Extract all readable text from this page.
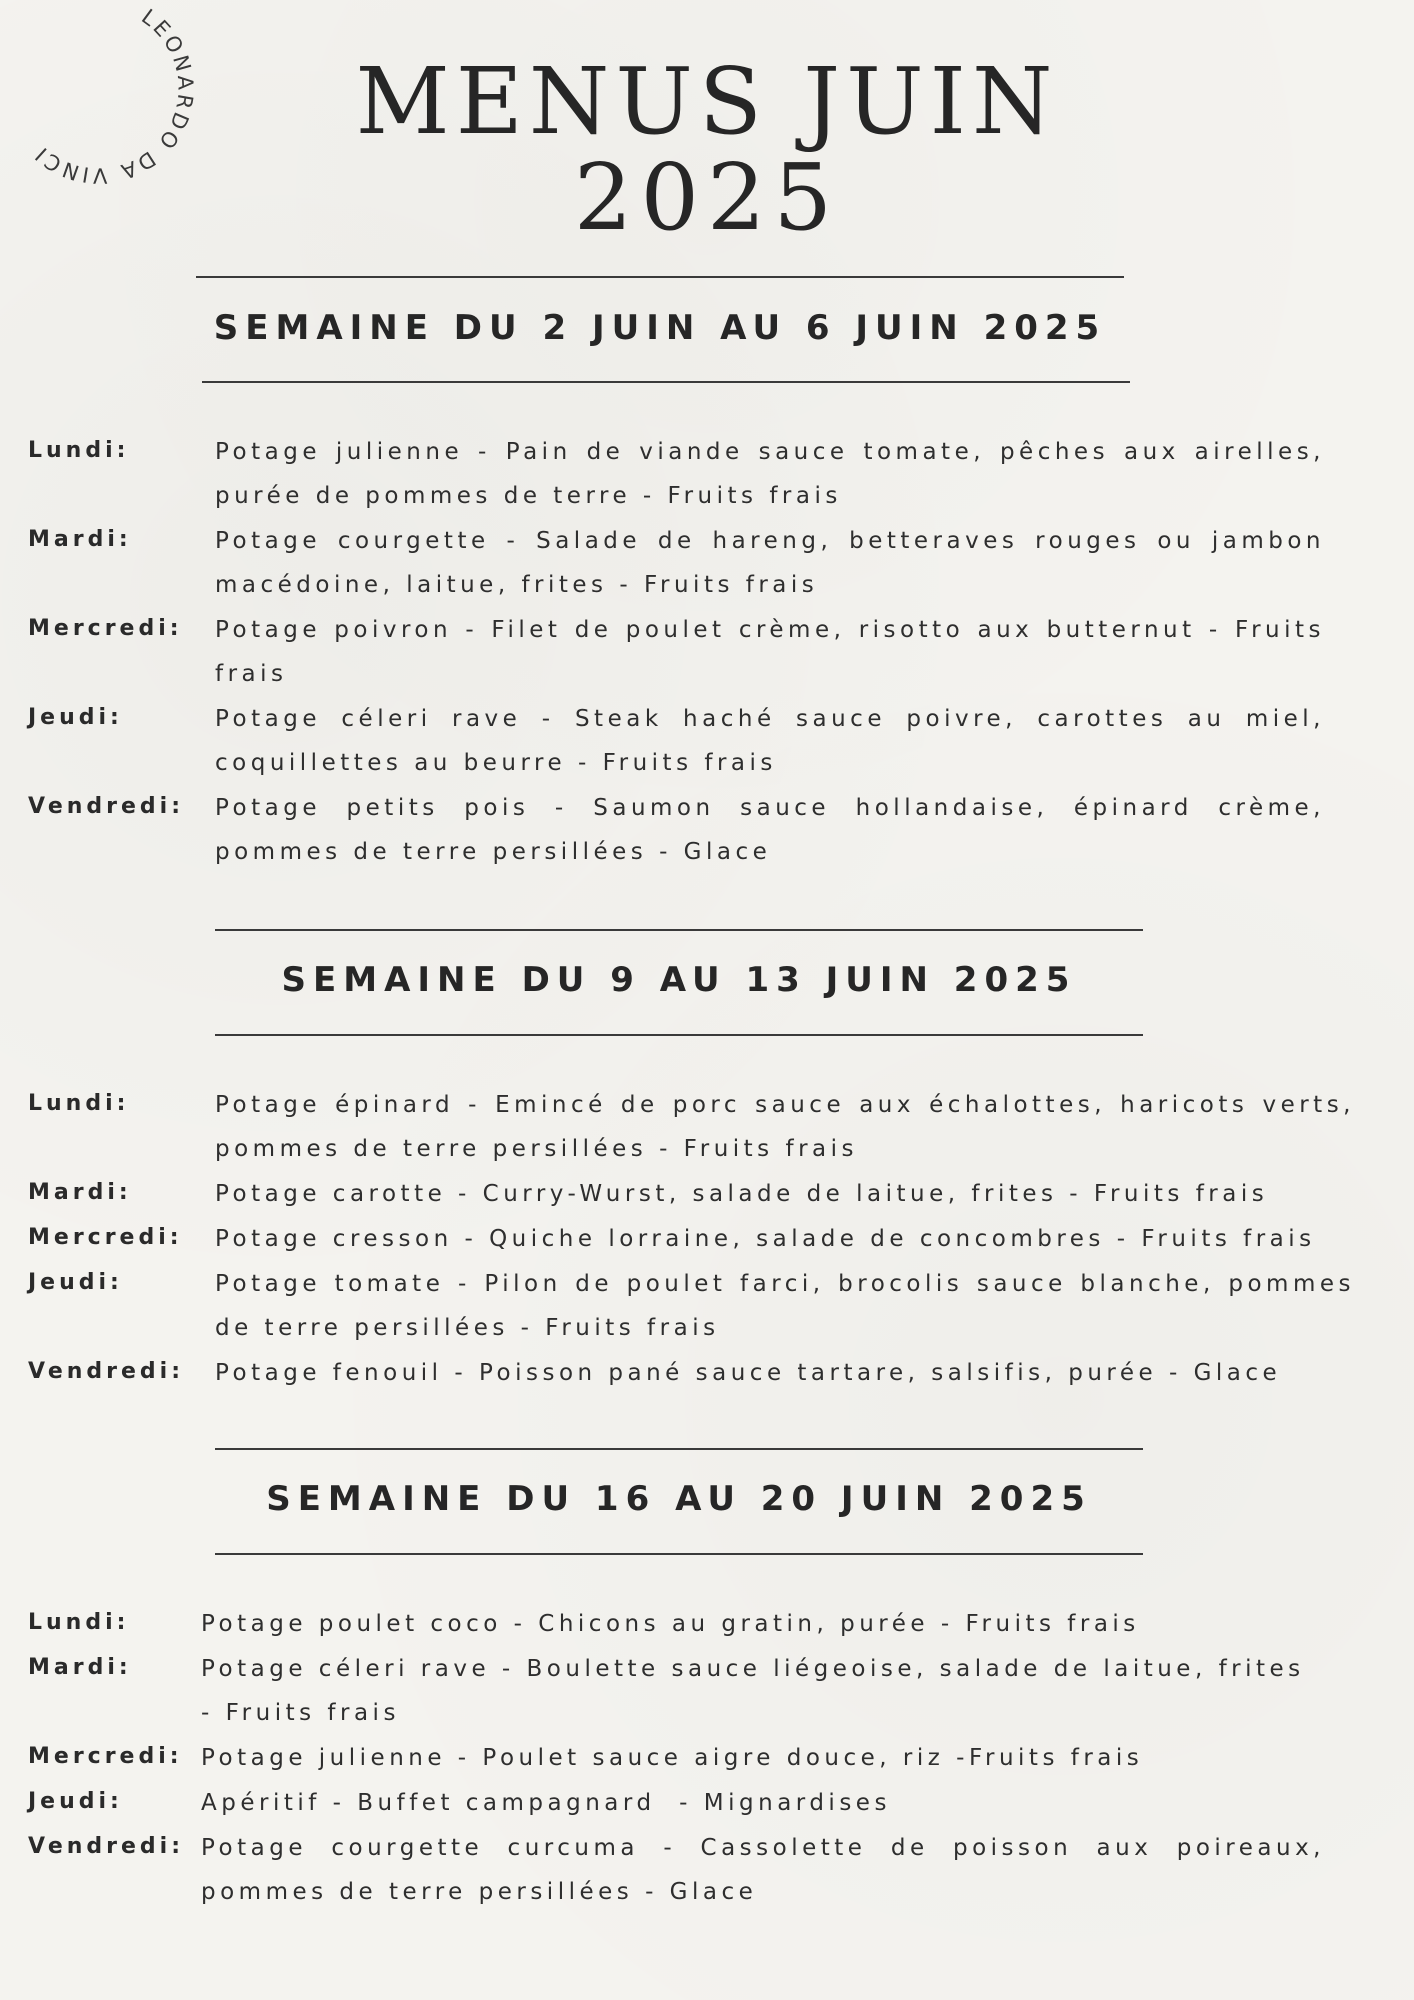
LEONARDO DA VINCI	MENUS JUIN
2025
SEMAINE DU 2 JUIN AU 6 JUIN 2025
Lundi:	Potage julienne - Pain de viande sauce tomate, pêches aux airelles, purée de pommes de terre - Fruits frais

Mardi:	Potage courgette - Salade de hareng, betteraves rouges ou jambon macédoine, laitue, frites - Fruits frais

Mercredi: Potage poivron - Filet de poulet crème, risotto aux butternut - Fruits frais

Jeudi:	Potage céleri rave - Steak haché sauce poivre, carottes au miel, coquillettes au beurre - Fruits frais

Vendredi: Potage petits pois - Saumon sauce hollandaise, épinard crème, pommes de terre persillées - Glace

SEMAINE DU 9 AU 13 JUIN 2025
Lundi:	Potage épinard - Emincé de porc sauce aux échalottes, haricots verts, pommes de terre persillées - Fruits frais

Mardi:	Potage carotte - Curry-Wurst, salade de laitue, frites - Fruits frais

Mercredi: Potage cresson - Quiche lorraine, salade de concombres - Fruits frais

Jeudi:	Potage tomate - Pilon de poulet farci, brocolis sauce blanche, pommes de terre persillées - Fruits frais

Vendredi: Potage fenouil - Poisson pané sauce tartare, salsifis, purée - Glace

SEMAINE DU 16 AU 20 JUIN 2025
Lundi:	Potage poulet coco - Chicons au gratin, purée - Fruits frais

Mardi:	Potage céleri rave - Boulette sauce liégeoise, salade de laitue, frites - Fruits frais

Mercredi: Potage julienne - Poulet sauce aigre douce, riz -Fruits frais

Jeudi:	Apéritif - Buffet campagnard  - Mignardises

Vendredi: Potage courgette curcuma - Cassolette de poisson aux poireaux, pommes de terre persillées - Glace
